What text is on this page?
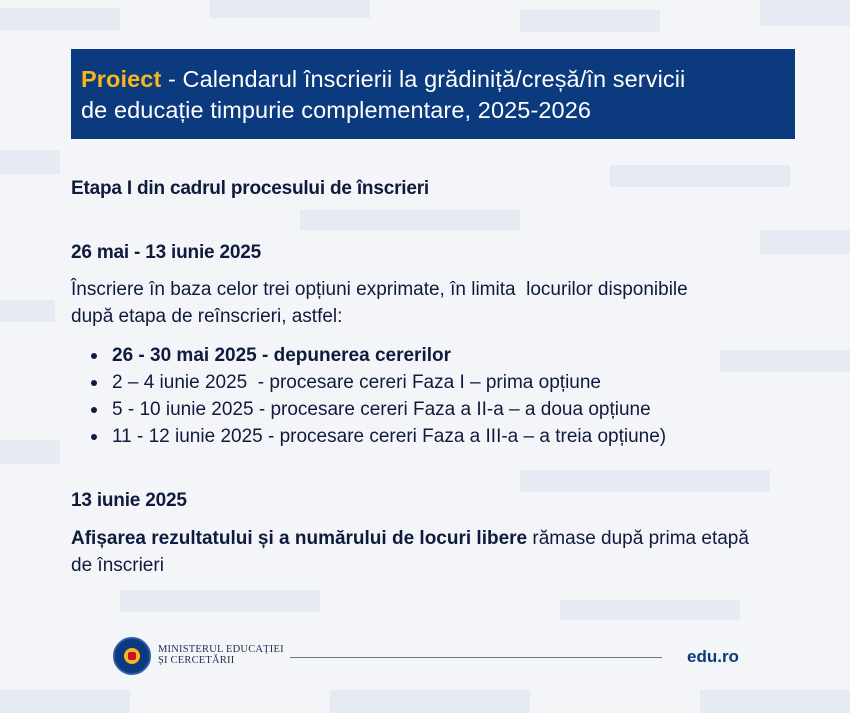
Proiect - Calendarul înscrierii la grădiniță/creșă/în servicii
de educație timpurie complementare, 2025-2026
Etapa I din cadrul procesului de înscrieri
26 mai - 13 iunie 2025
Înscriere în baza celor trei opțiuni exprimate, în limita  locurilor disponibile
după etapa de reînscrieri, astfel:
26 - 30 mai 2025 - depunerea cererilor
2 – 4 iunie 2025  - procesare cereri Faza I – prima opțiune
5 - 10 iunie 2025 - procesare cereri Faza a II-a – a doua opțiune
11 - 12 iunie 2025 - procesare cereri Faza a III-a – a treia opțiune)
13 iunie 2025
Afișarea rezultatului și a numărului de locuri libere rămase după prima etapă
de înscrieri
MINISTERUL EDUCAȚIEI
ȘI CERCETĂRII	edu.ro
